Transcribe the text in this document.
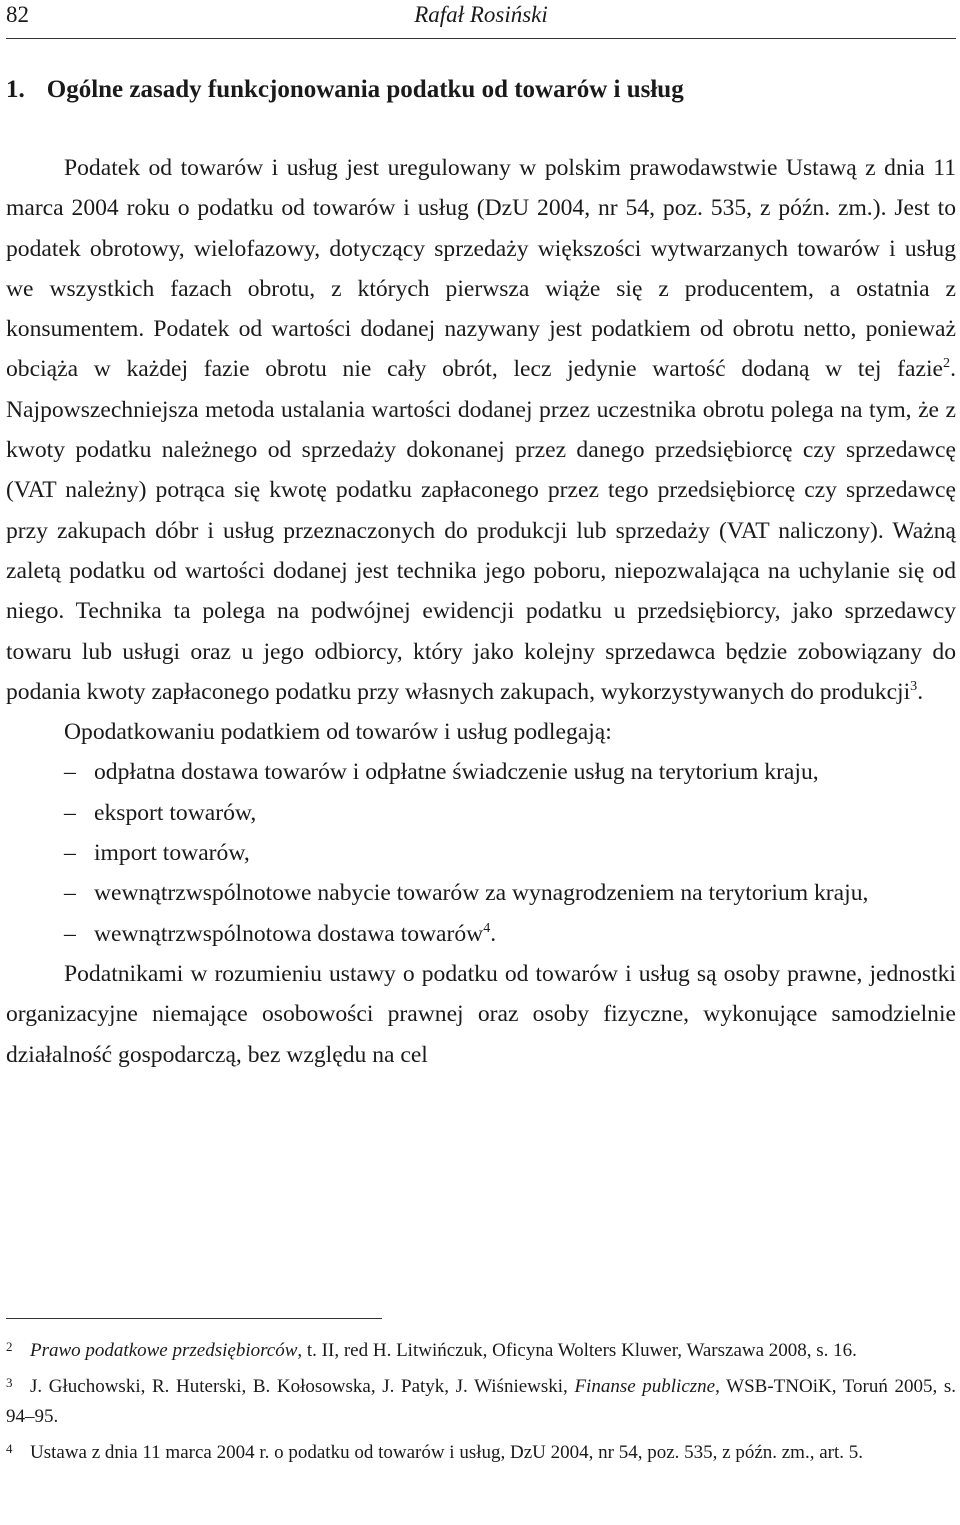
82	Rafał Rosiński
1. Ogólne zasady funkcjonowania podatku od towarów i usług

Podatek od towarów i usług jest uregulowany w polskim prawodawstwie Ustawą z dnia 11 marca 2004 roku o podatku od towarów i usług (DzU 2004, nr 54, poz. 535, z późn. zm.). Jest to podatek obrotowy, wielofazowy, dotyczący sprzedaży większości wytwarzanych towarów i usług we wszystkich fazach obrotu, z których pierwsza wiąże się z producentem, a ostatnia z konsumentem. Podatek od wartości dodanej nazywany jest podatkiem od obrotu netto, ponieważ obciąża w każdej fazie obrotu nie cały obrót, lecz jedynie wartość dodaną w tej fazie$^2$. Najpowszechniejsza metoda ustalania wartości dodanej przez uczestnika obrotu polega na tym, że z kwoty podatku należnego od sprzedaży dokonanej przez danego przedsiębiorcę czy sprzedawcę (VAT należny) potrąca się kwotę podatku zapłaconego przez tego przedsiębiorcę czy sprzedawcę przy zakupach dóbr i usług przeznaczonych do produkcji lub sprzedaży (VAT naliczony). Ważną zaletą podatku od wartości dodanej jest technika jego poboru, niepozwalająca na uchylanie się od niego. Technika ta polega na podwójnej ewidencji podatku u przedsiębiorcy, jako sprzedawcy towaru lub usługi oraz u jego odbiorcy, który jako kolejny sprzedawca będzie zobowiązany do podania kwoty zapłaconego podatku przy własnych zakupach, wykorzystywanych do produkcji$^3$.

Opodatkowaniu podatkiem od towarów i usług podlegają:

– odpłatna dostawa towarów i odpłatne świadczenie usług na terytorium kraju,
– eksport towarów,
– import towarów,
– wewnątrzwspólnotowe nabycie towarów za wynagrodzeniem na terytorium kraju,
– wewnątrzwspólnotowa dostawa towarów$^4$.

Podatnikami w rozumieniu ustawy o podatku od towarów i usług są osoby prawne, jednostki organizacyjne niemające osobowości prawnej oraz osoby fizyczne, wykonujące samodzielnie działalność gospodarczą, bez względu na cel

2 Prawo podatkowe przedsiębiorców, t. II, red H. Litwińczuk, Oficyna Wolters Kluwer, Warszawa 2008, s. 16.

3 J. Głuchowski, R. Huterski, B. Kołosowska, J. Patyk, J. Wiśniewski, Finanse publiczne, WSB-TNOiK, Toruń 2005, s. 94–95.

4 Ustawa z dnia 11 marca 2004 r. o podatku od towarów i usług, DzU 2004, nr 54, poz. 535, z późn. zm., art. 5.
